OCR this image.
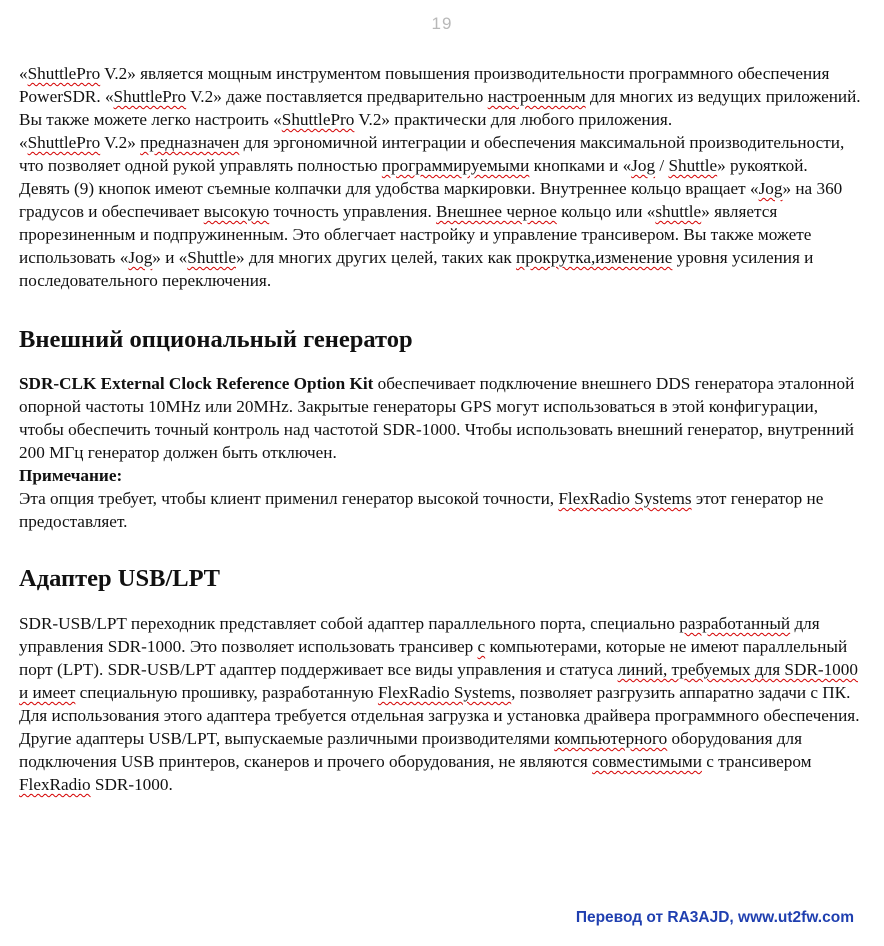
19

«ShuttlePro V.2» является мощным инструментом повышения производительности программного обеспечения PowerSDR. «ShuttlePro V.2» даже поставляется предварительно настроенным для многих из ведущих приложений. Вы также можете легко настроить «ShuttlePro V.2» практически для любого приложения.

«ShuttlePro V.2» предназначен для эргономичной интеграции и обеспечения максимальной производительности, что позволяет одной рукой управлять полностью программируемыми кнопками и «Jog / Shuttle» рукояткой. Девять (9) кнопок имеют съемные колпачки для удобства маркировки. Внутреннее кольцо вращает «Jog» на 360 градусов и обеспечивает высокую точность управления. Внешнее черное кольцо или «shuttle» является прорезиненным и подпружиненным. Это облегчает настройку и управление трансивером. Вы также можете использовать «Jog» и «Shuttle» для многих других целей, таких как прокрутка,изменение уровня усиления и последовательного переключения.

Внешний опциональный генератор

SDR-CLK External Clock Reference Option Kit обеспечивает подключение внешнего DDS генератора эталонной опорной частоты 10MHz или 20MHz. Закрытые генераторы GPS могут использоваться в этой конфигурации, чтобы обеспечить точный контроль над частотой SDR-1000. Чтобы использовать внешний генератор, внутренний 200 МГц генератор должен быть отключен.

Примечание:

Эта опция требует, чтобы клиент применил генератор высокой точности, FlexRadio Systems этот генератор не предоставляет.

Адаптер USB/LPT

SDR-USB/LPT переходник представляет собой адаптер параллельного порта, специально разработанный для управления SDR-1000. Это позволяет использовать трансивер с компьютерами, которые не имеют параллельный порт (LPT). SDR-USB/LPT адаптер поддерживает все виды управления и статуса линий, требуемых для SDR-1000 и имеет специальную прошивку, разработанную FlexRadio Systems, позволяет разгрузить аппаратно задачи с ПК. Для использования этого адаптера требуется отдельная загрузка и установка драйвера программного обеспечения.

Другие адаптеры USB/LPT, выпускаемые различными производителями компьютерного оборудования для подключения USB принтеров, сканеров и прочего оборудования, не являются совместимыми с трансивером FlexRadio SDR-1000.

Перевод от RA3AJD, www.ut2fw.com
